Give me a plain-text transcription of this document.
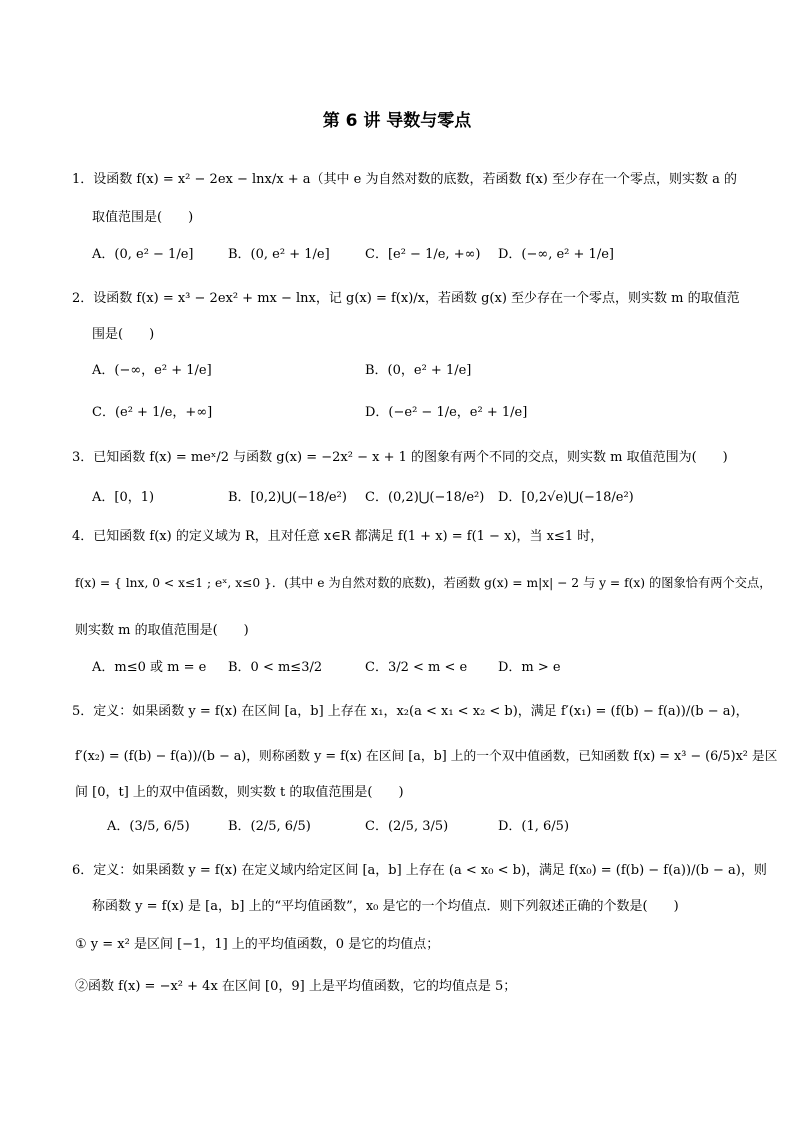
第 6 讲 导数与零点
1．设函数 f(x) = x² − 2ex − lnx/x + a（其中 e 为自然对数的底数，若函数 f(x) 至少存在一个零点，则实数 a 的
取值范围是(　　)
A．(0, e² − 1/e]	B．(0, e² + 1/e]	C．[e² − 1/e, +∞) D．(−∞, e² + 1/e]
2．设函数 f(x) = x³ − 2ex² + mx − lnx，记 g(x) = f(x)/x，若函数 g(x) 至少存在一个零点，则实数 m 的取值范
围是(　　)
A．(−∞，e² + 1/e]	B．(0，e² + 1/e]
C．(e² + 1/e，+∞]	D．(−e² − 1/e，e² + 1/e]
3．已知函数 f(x) = meˣ/2 与函数 g(x) = −2x² − x + 1 的图象有两个不同的交点，则实数 m 取值范围为(　　)
A．[0，1)	B．[0,2)⋃(−18/e²) C．(0,2)⋃(−18/e²) D．[0,2√e)⋃(−18/e²)
4．已知函数 f(x) 的定义域为 R，且对任意 x∈R 都满足 f(1 + x) = f(1 − x)，当 x≤1 时，
f(x) = { lnx, 0 < x≤1 ; eˣ, x≤0 }．(其中 e 为自然对数的底数)，若函数 g(x) = m|x| − 2 与 y = f(x) 的图象恰有两个交点，
则实数 m 的取值范围是(　　)
A．m≤0 或 m = e B．0 < m≤3/2	C．3/2 < m < e D．m > e
5．定义：如果函数 y = f(x) 在区间 [a，b] 上存在 x₁，x₂(a < x₁ < x₂ < b)，满足 f′(x₁) = (f(b) − f(a))/(b − a)，
f′(x₂) = (f(b) − f(a))/(b − a)，则称函数 y = f(x) 在区间 [a，b] 上的一个双中值函数，已知函数 f(x) = x³ − (6/5)x² 是区
间 [0，t] 上的双中值函数，则实数 t 的取值范围是(　　)
A．(3/5, 6/5)	B．(2/5, 6/5)	C．(2/5, 3/5)	D．(1, 6/5)
6．定义：如果函数 y = f(x) 在定义域内给定区间 [a，b] 上存在 (a < x₀ < b)，满足 f(x₀) = (f(b) − f(a))/(b − a)，则
称函数 y = f(x) 是 [a，b] 上的“平均值函数”，x₀ 是它的一个均值点．则下列叙述正确的个数是(　　)
① y = x² 是区间 [−1，1] 上的平均值函数，0 是它的均值点；
②函数 f(x) = −x² + 4x 在区间 [0，9] 上是平均值函数，它的均值点是 5；
